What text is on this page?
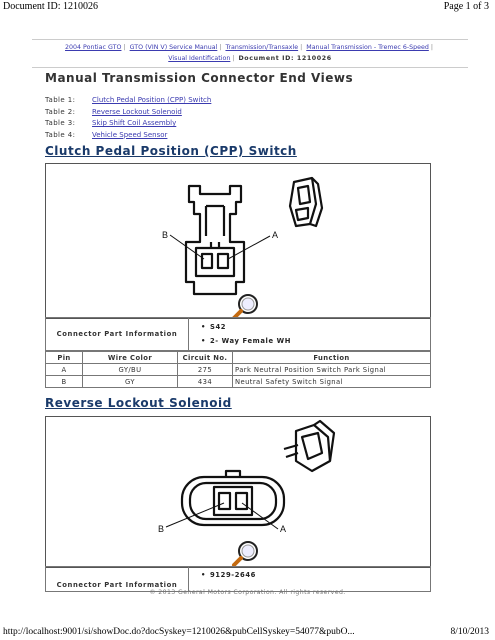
Document ID: 1210026	Page 1 of 3
2004 Pontiac GTO | GTO (VIN V) Service Manual | Transmission/Transaxle | Manual Transmission - Tremec 6-Speed |
Visual Identification | Document ID: 1210026
Manual Transmission Connector End Views
Table 1:	Clutch Pedal Position (CPP) Switch
Table 2:	Reverse Lockout Solenoid
Table 3:	Skip Shift Coil Assembly
Table 4:	Vehicle Speed Sensor
Clutch Pedal Position (CPP) Switch
B	A
Connector Part Information	
• S42
• 2- Way Female WH
Pin	Wire Color	Circuit No.	Function
A	GY/BU	275	Park Neutral Position Switch Park Signal
B	GY	434	Neutral Safety Switch Signal
Reverse Lockout Solenoid
B	A
Connector Part Information	
• 9129-2646
© 2013 General Motors Corporation. All rights reserved.
http://localhost:9001/si/showDoc.do?docSyskey=1210026&pubCellSyskey=54077&pubO...	8/10/2013
